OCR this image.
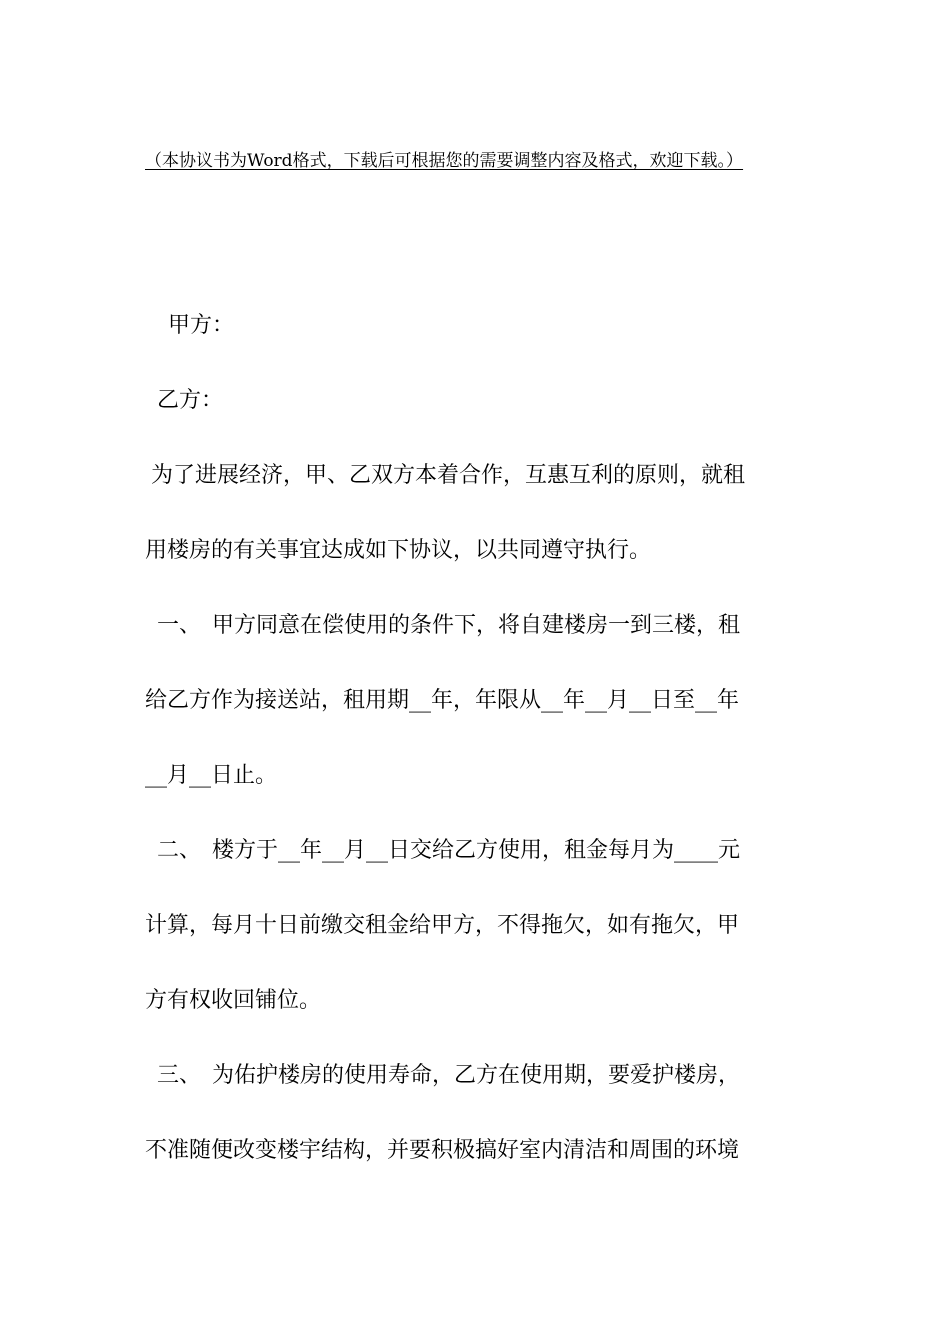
（本协议书为Word格式，下载后可根据您的需要调整内容及格式，欢迎下载。）

甲方：

乙方：

为了进展经济，甲、乙双方本着合作，互惠互利的原则，就租

用楼房的有关事宜达成如下协议，以共同遵守执行。

一、　甲方同意在偿使用的条件下，将自建楼房一到三楼，租

给乙方作为接送站，租用期__年，年限从__年__月__日至__年

__月__日止。

二、　楼方于__年__月__日交给乙方使用，租金每月为____元

计算，每月十日前缴交租金给甲方，不得拖欠，如有拖欠，甲

方有权收回铺位。

三、　为佑护楼房的使用寿命，乙方在使用期，要爱护楼房，

不准随便改变楼宇结构，并要积极搞好室内清洁和周围的环境
